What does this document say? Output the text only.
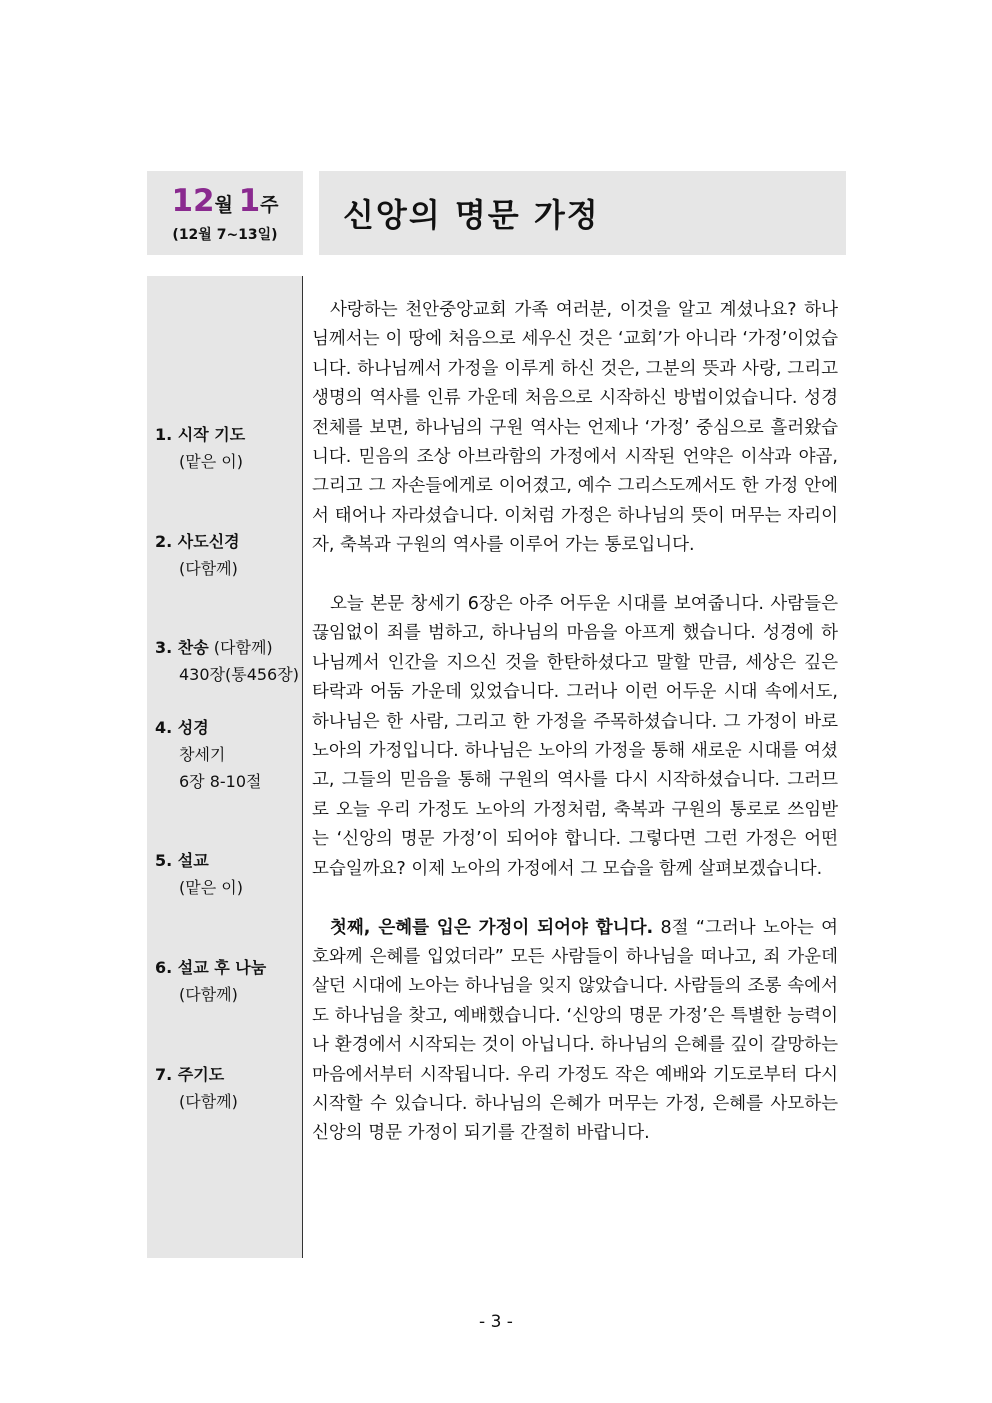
12월 1주
(12월 7~13일)
신앙의 명문 가정
1. 시작 기도
(맡은 이)
2. 사도신경
(다함께)
3. 찬송 (다함께)
430장(통456장)
4. 성경
창세기
6장 8-10절
5. 설교
(맡은 이)
6. 설교 후 나눔
(다함께)
7. 주기도
(다함께)

사랑하는 천안중앙교회 가족 여러분, 이것을 알고 계셨나요? 하나님께서는 이 땅에 처음으로 세우신 것은 ‘교회’가 아니라 ‘가정’이었습니다. 하나님께서 가정을 이루게 하신 것은, 그분의 뜻과 사랑, 그리고 생명의 역사를 인류 가운데 처음으로 시작하신 방법이었습니다. 성경 전체를 보면, 하나님의 구원 역사는 언제나 ‘가정’ 중심으로 흘러왔습니다. 믿음의 조상 아브라함의 가정에서 시작된 언약은 이삭과 야곱, 그리고 그 자손들에게로 이어졌고, 예수 그리스도께서도 한 가정 안에서 태어나 자라셨습니다. 이처럼 가정은 하나님의 뜻이 머무는 자리이자, 축복과 구원의 역사를 이루어 가는 통로입니다.

오늘 본문 창세기 6장은 아주 어두운 시대를 보여줍니다. 사람들은 끊임없이 죄를 범하고, 하나님의 마음을 아프게 했습니다. 성경에 하나님께서 인간을 지으신 것을 한탄하셨다고 말할 만큼, 세상은 깊은 타락과 어둠 가운데 있었습니다. 그러나 이런 어두운 시대 속에서도, 하나님은 한 사람, 그리고 한 가정을 주목하셨습니다. 그 가정이 바로 노아의 가정입니다. 하나님은 노아의 가정을 통해 새로운 시대를 여셨고, 그들의 믿음을 통해 구원의 역사를 다시 시작하셨습니다. 그러므로 오늘 우리 가정도 노아의 가정처럼, 축복과 구원의 통로로 쓰임받는 ‘신앙의 명문 가정’이 되어야 합니다. 그렇다면 그런 가정은 어떤 모습일까요? 이제 노아의 가정에서 그 모습을 함께 살펴보겠습니다.

첫째, 은혜를 입은 가정이 되어야 합니다. 8절 “그러나 노아는 여호와께 은혜를 입었더라” 모든 사람들이 하나님을 떠나고, 죄 가운데 살던 시대에 노아는 하나님을 잊지 않았습니다. 사람들의 조롱 속에서도 하나님을 찾고, 예배했습니다. ‘신앙의 명문 가정’은 특별한 능력이나 환경에서 시작되는 것이 아닙니다. 하나님의 은혜를 깊이 갈망하는 마음에서부터 시작됩니다. 우리 가정도 작은 예배와 기도로부터 다시 시작할 수 있습니다. 하나님의 은혜가 머무는 가정, 은혜를 사모하는 신앙의 명문 가정이 되기를 간절히 바랍니다.

- 3 -
